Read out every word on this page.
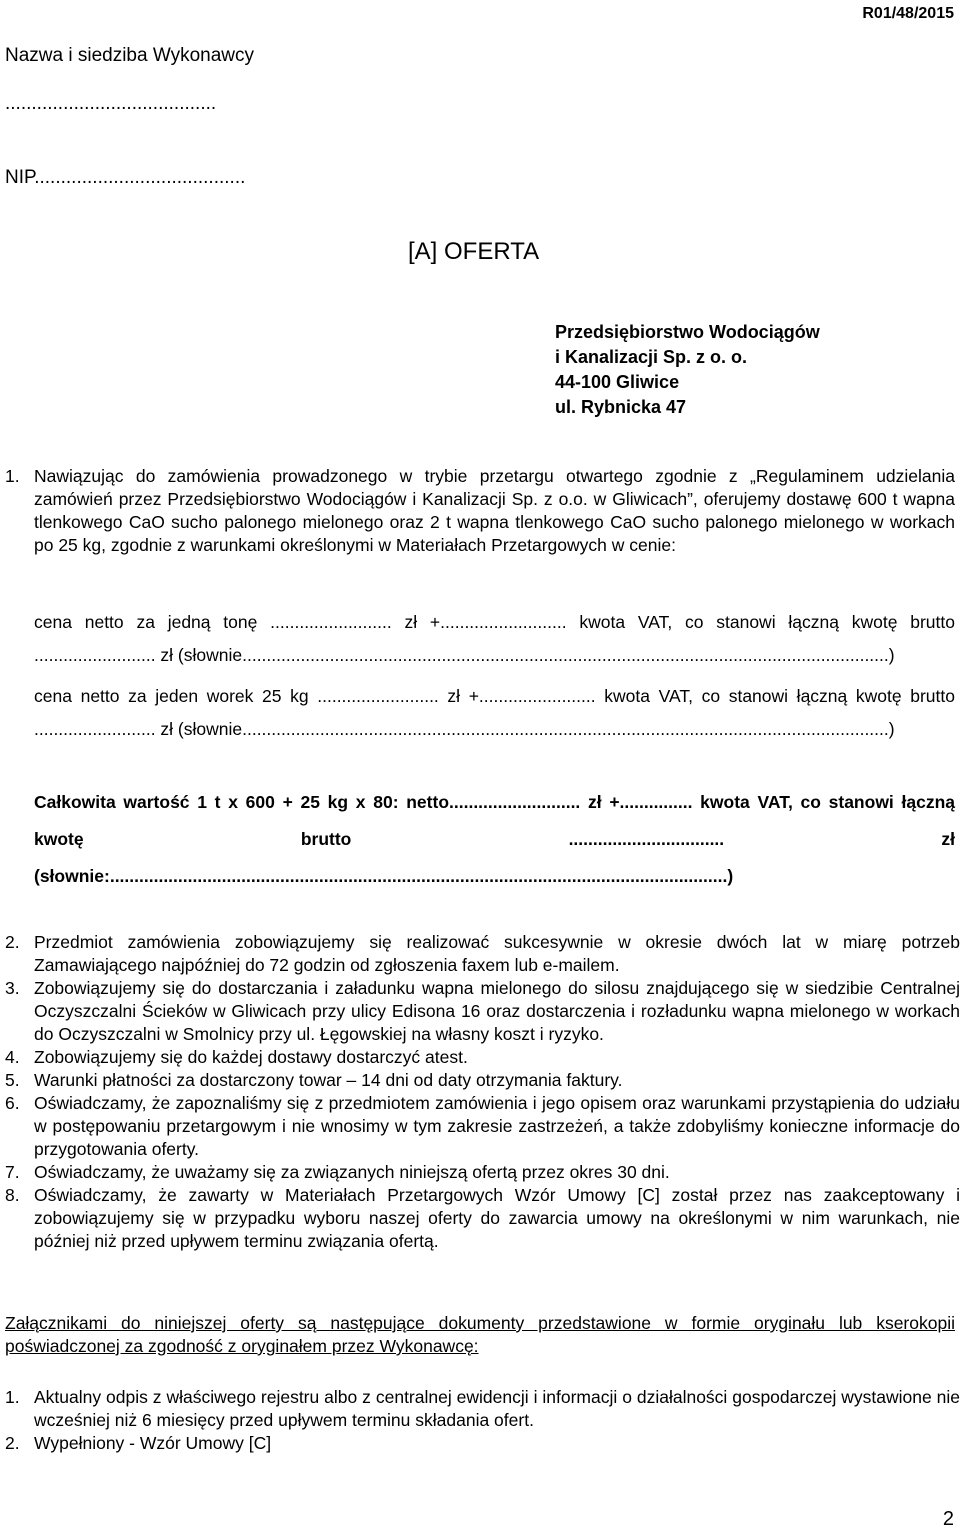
R01/48/2015
Nazwa i siedziba Wykonawcy
........................................
NIP........................................
[A] OFERTA
Przedsiębiorstwo Wodociągów
i Kanalizacji Sp. z o. o.
44-100 Gliwice
ul. Rybnicka 47
1. Nawiązując do zamówienia prowadzonego w trybie przetargu otwartego zgodnie z „Regulaminem udzielania zamówień przez Przedsiębiorstwo Wodociągów i Kanalizacji Sp. z o.o. w Gliwicach”, oferujemy dostawę 600 t wapna tlenkowego CaO sucho palonego mielonego oraz 2 t wapna tlenkowego CaO sucho palonego mielonego w workach po 25 kg, zgodnie z warunkami określonymi w Materiałach Przetargowych w cenie:
cena netto za jedną tonę ......................... zł +.......................... kwota VAT, co stanowi łączną kwotę brutto ......................... zł (słownie.....................................................................................................................................)
cena netto za jeden worek 25 kg ......................... zł +........................ kwota VAT, co stanowi łączną kwotę brutto ......................... zł (słownie.....................................................................................................................................)
Całkowita wartość 1 t x 600 + 25 kg x 80: netto........................... zł +............... kwota VAT, co stanowi łączną kwotę brutto ................................ zł (słownie:...............................................................................................................................)
2. Przedmiot zamówienia zobowiązujemy się realizować sukcesywnie w okresie dwóch lat w miarę potrzeb Zamawiającego najpóźniej do 72 godzin od zgłoszenia faxem lub e-mailem.
3. Zobowiązujemy się do dostarczania i załadunku wapna mielonego do silosu znajdującego się w siedzibie Centralnej Oczyszczalni Ścieków w Gliwicach przy ulicy Edisona 16 oraz dostarczenia i rozładunku wapna mielonego w workach do Oczyszczalni w Smolnicy przy ul. Łęgowskiej na własny koszt i ryzyko.
4. Zobowiązujemy się do każdej dostawy dostarczyć atest.
5. Warunki płatności za dostarczony towar – 14 dni od daty otrzymania faktury.
6. Oświadczamy, że zapoznaliśmy się z przedmiotem zamówienia i jego opisem oraz warunkami przystąpienia do udziału w postępowaniu przetargowym i nie wnosimy w tym zakresie zastrzeżeń, a także zdobyliśmy konieczne informacje do przygotowania oferty.
7. Oświadczamy, że uważamy się za związanych niniejszą ofertą przez okres 30 dni.
8. Oświadczamy, że zawarty w Materiałach Przetargowych Wzór Umowy [C] został przez nas zaakceptowany i zobowiązujemy się w przypadku wyboru naszej oferty do zawarcia umowy na określonymi w nim warunkach, nie później niż przed upływem terminu związania ofertą.
Załącznikami do niniejszej oferty są następujące dokumenty przedstawione w formie oryginału lub kserokopii poświadczonej za zgodność z oryginałem przez Wykonawcę:
1. Aktualny odpis z właściwego rejestru albo z centralnej ewidencji i informacji o działalności gospodarczej wystawione nie wcześniej niż 6 miesięcy przed upływem terminu składania ofert.
2. Wypełniony - Wzór Umowy [C]
2
